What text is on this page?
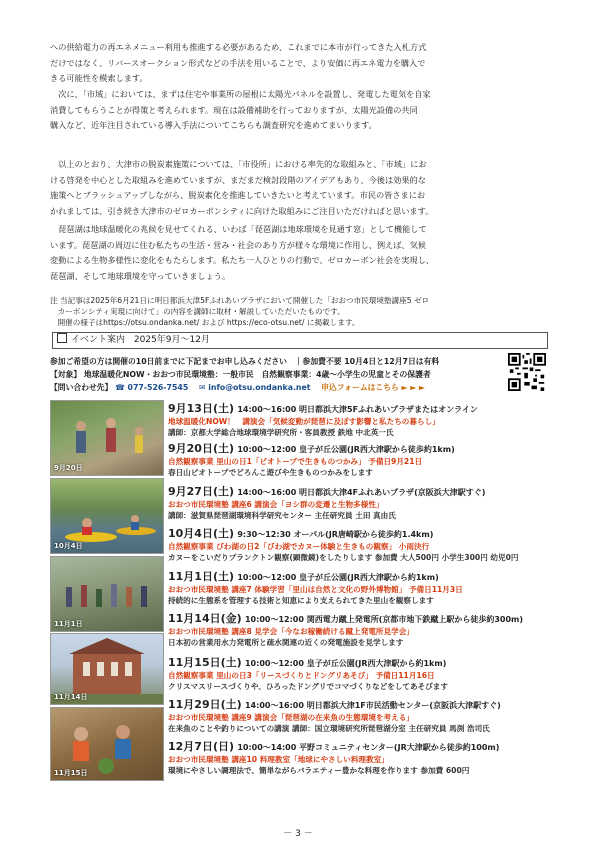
への供給電力の再エネメニュー利用も推進する必要があるため、これまでに本市が行ってきた入札方式

だけではなく、リバースオークション形式などの手法を用いることで、より安価に再エネ電力を購入で

きる可能性を模索します。

　次に、「市域」においては、まずは住宅や事業所の屋根に太陽光パネルを設置し、発電した電気を自家

消費してもらうことが得策と考えられます。現在は設備補助を行っておりますが、太陽光設備の共同

購入など、近年注目されている導入手法についてこちらも調査研究を進めてまいります。

　以上のとおり、大津市の脱炭素施策については、「市役所」における率先的な取組みと、「市域」にお

ける啓発を中心とした取組みを進めていますが、まだまだ検討段階のアイデアもあり、今後は効果的な

施策へとブラッシュアップしながら、脱炭素化を推進していきたいと考えています。市民の皆さまにお

かれましては、引き続き大津市のゼロカーボンシティに向けた取組みにご注目いただければと思います。

　琵琶湖は地球温暖化の兆候を見せてくれる、いわば「琵琶湖は地球環境を見通す窓」として機能して

います。琵琶湖の周辺に住む私たちの生活・営み・社会のあり方が様々な環境に作用し、例えば、気候

変動による生物多様性に変化をもたらします。私たち一人ひとりの行動で、ゼロカーボン社会を実現し、

琵琶湖、そして地球環境を守っていきましょう。

注 当記事は2025年6月21日に明日都浜大津5Fふれあいプラザにおいて開催した「おおつ市民環境塾講座5 ゼロ
　カーボンシティ実現に向けて」の内容を講師に取材・解説していただいたものです。
　開催の様子はhttps://otsu.ondanka.net/ および https://eco-otsu.net/ に掲載します。
イベント案内 2025年9月～12月
参加ご希望の方は開催の10日前までに下記までお申し込みください　｜参加費不要 10月4日と12月7日は有料
【対象】 地球温暖化NOW・おおつ市民環境塾：一般市民　自然観察事業：4歳～小学生の児童とその保護者
【問い合わせ先】 ☎ 077-526-7545 ✉ info@otsu.ondanka.net 申込フォームはこちら ► ► ►
9月20日
10月4日
11月1日
11月14日
11月15日
9月13日(土) 14:00～16:00 明日都浜大津5Fふれあいプラザまたはオンライン
地球温暖化NOW！　講演会「気候変動が琵琶に及ぼす影響と私たちの暮らし」
講師：京都大学総合地球環境学研究所・客員教授 鉄地 中北英一氏
9月20日(土) 10:00～12:00 皇子が丘公園(JR西大津駅から徒歩約1km)
自然観察事業 里山の日1「ビオトープで生きものつかみ」 予備日9月21日
春日山ビオトープでどろんこ遊びや生きものつかみをします
9月27日(土) 14:00～16:00 明日都浜大津4Fふれあいプラザ(京阪浜大津駅すぐ)
おおつ市民環境塾 講座6 講演会「ヨシ群の変遷と生物多様性」
講師：滋賀県琵琶湖環境科学研究センター 主任研究員 土田 真由氏
10月4日(土) 9:30～12:30 オーパル(JR唐崎駅から徒歩約1.4km)
自然観察事業 びわ湖の日2「びわ湖でカヌー体験と生きもの観察」 小雨決行
カヌーをこいだりプランクトン観察(顕微鏡)をしたりします 参加費 大人500円 小学生300円 幼児0円
11月1日(土) 10:00～12:00 皇子が丘公園(JR西大津駅から約1km)
おおつ市民環境塾 講座7 体験学習「里山は自然と文化の野外博物館」 予備日11月3日
持続的に生態系を管理する技術と知恵により支えられてきた里山を観察します
11月14日(金) 10:00～12:00 関西電力蹴上発電所(京都市地下鉄蹴上駅から徒歩約300m)
おおつ市民環境塾 講座8 見学会「今なお稼働続ける蹴上発電所見学会」
日本初の営業用水力発電所と疏水関連の近くの発電施設を見学します
11月15日(土) 10:00～12:00 皇子が丘公園(JR西大津駅から約1km)
自然観察事業 里山の日3「リースづくりとドングリあそび」 予備日11月16日
クリスマスリースづくりや、ひろったドングリでコマづくりなどをしてあそびます
11月29日(土) 14:00～16:00 明日都浜大津1F市民活動センター(京阪浜大津駅すぐ)
おおつ市民環境塾 講座9 講演会「琵琶湖の在来魚の生態環境を考える」
在来魚のことや釣りについての講演 講師：国立環境研究所琵琶湖分室 主任研究員 馬渕 浩司氏
12月7日(日) 10:00～14:00 平野コミュニティセンター(JR大津駅から徒歩約100m)
おおつ市民環境塾 講座10 料理教室「地球にやさしい料理教室」
環境にやさしい調理法で、簡単ながらバラエティー豊かな料理を作ります 参加費 600円
－ 3 －
